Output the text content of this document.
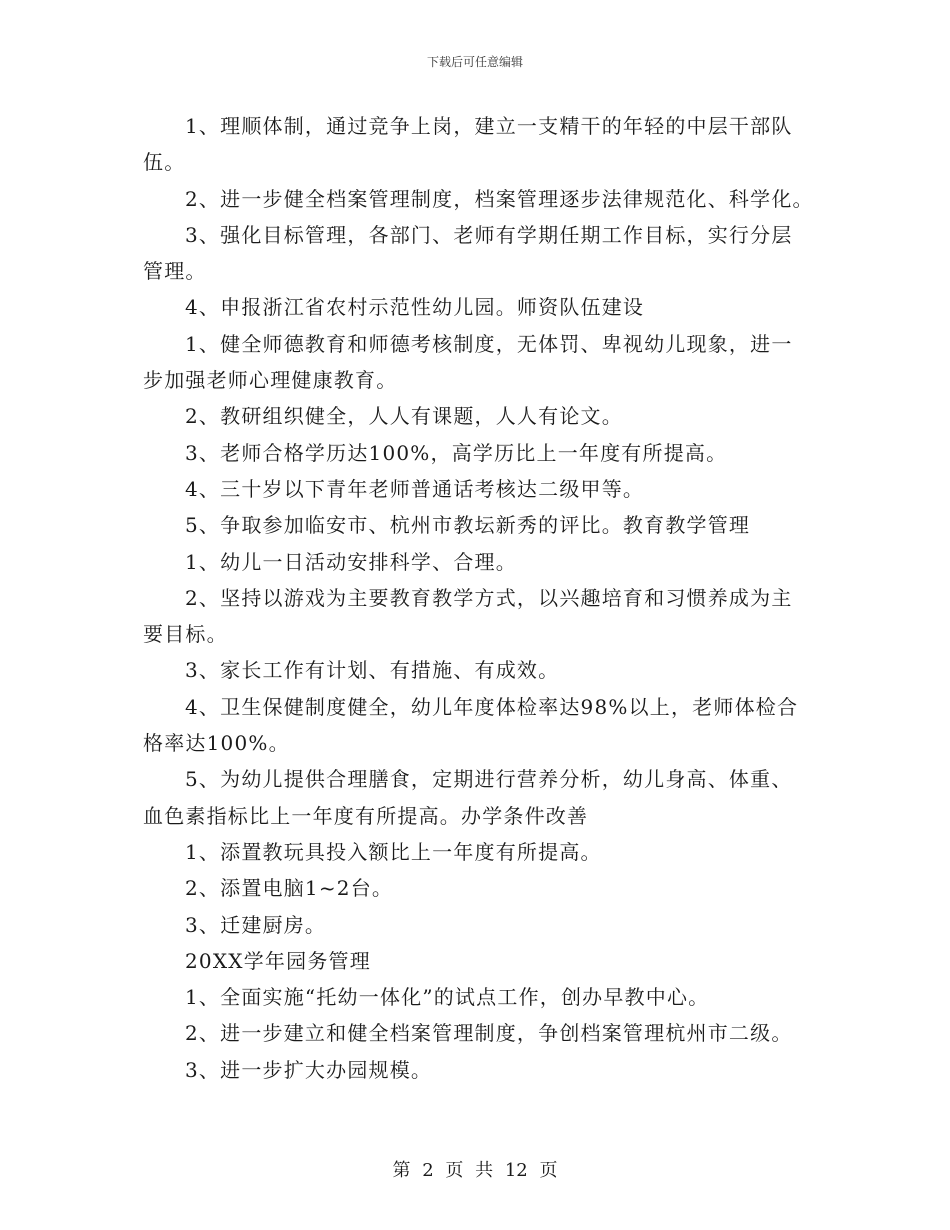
下载后可任意编辑

1、理顺体制，通过竞争上岗，建立一支精干的年轻的中层干部队

伍。

2、进一步健全档案管理制度，档案管理逐步法律规范化、科学化。

3、强化目标管理，各部门、老师有学期任期工作目标，实行分层

管理。

4、申报浙江省农村示范性幼儿园。师资队伍建设

1、健全师德教育和师德考核制度，无体罚、卑视幼儿现象，进一

步加强老师心理健康教育。

2、教研组织健全，人人有课题，人人有论文。

3、老师合格学历达100%，高学历比上一年度有所提高。

4、三十岁以下青年老师普通话考核达二级甲等。

5、争取参加临安市、杭州市教坛新秀的评比。教育教学管理

1、幼儿一日活动安排科学、合理。

2、坚持以游戏为主要教育教学方式，以兴趣培育和习惯养成为主

要目标。

3、家长工作有计划、有措施、有成效。

4、卫生保健制度健全，幼儿年度体检率达98%以上，老师体检合

格率达100%。

5、为幼儿提供合理膳食，定期进行营养分析，幼儿身高、体重、

血色素指标比上一年度有所提高。办学条件改善

1、添置教玩具投入额比上一年度有所提高。

2、添置电脑1~2台。

3、迁建厨房。

20XX学年园务管理

1、全面实施“托幼一体化”的试点工作，创办早教中心。

2、进一步建立和健全档案管理制度，争创档案管理杭州市二级。

3、进一步扩大办园规模。

第 2 页 共 12 页
